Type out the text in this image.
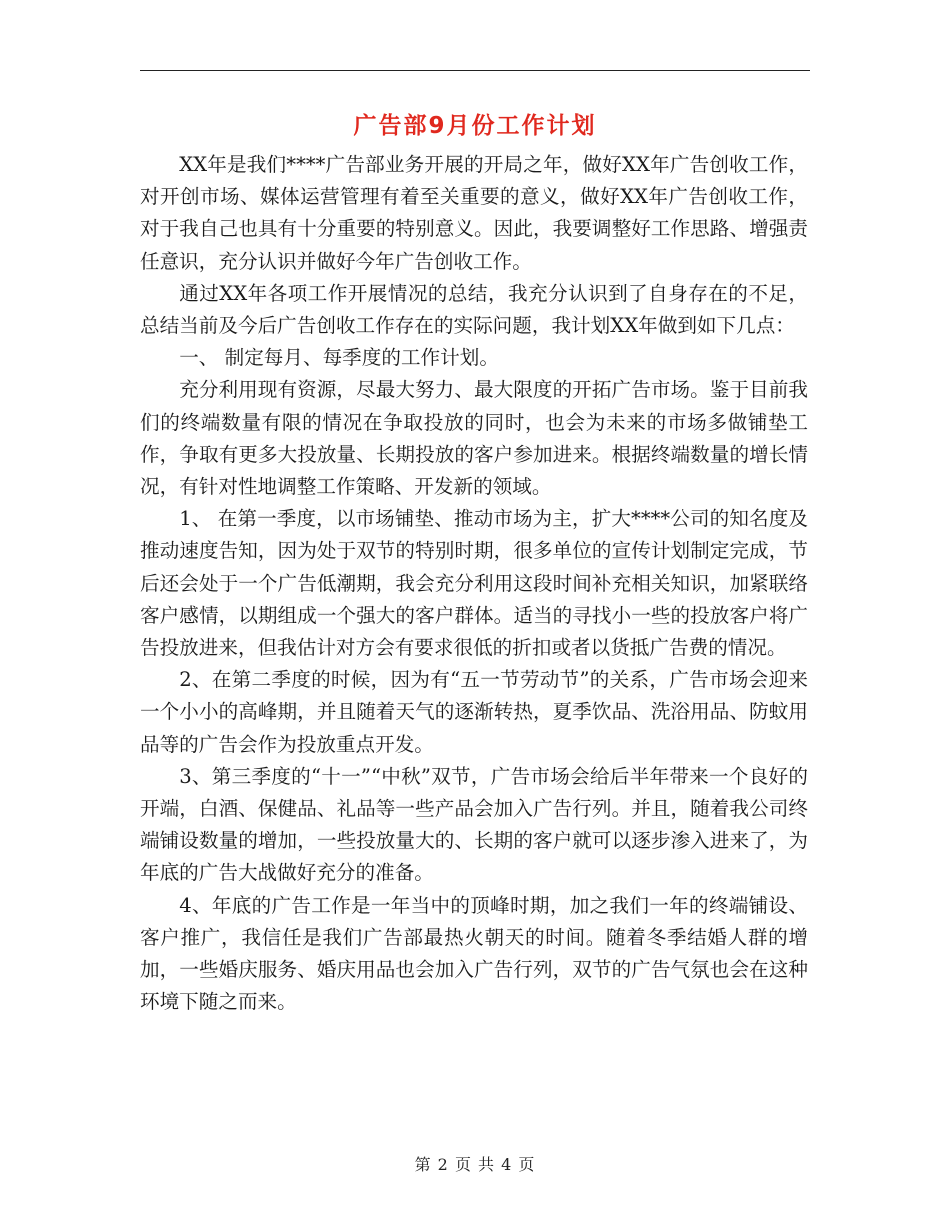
广告部9月份工作计划

XX年是我们****广告部业务开展的开局之年，做好XX年广告创收工作，对开创市场、媒体运营管理有着至关重要的意义，做好XX年广告创收工作，对于我自己也具有十分重要的特别意义。因此，我要调整好工作思路、增强责任意识，充分认识并做好今年广告创收工作。

通过XX年各项工作开展情况的总结，我充分认识到了自身存在的不足，总结当前及今后广告创收工作存在的实际问题，我计划XX年做到如下几点：

一、 制定每月、每季度的工作计划。

充分利用现有资源，尽最大努力、最大限度的开拓广告市场。鉴于目前我们的终端数量有限的情况在争取投放的同时，也会为未来的市场多做铺垫工作，争取有更多大投放量、长期投放的客户参加进来。根据终端数量的增长情况，有针对性地调整工作策略、开发新的领域。

1、 在第一季度，以市场铺垫、推动市场为主，扩大****公司的知名度及推动速度告知，因为处于双节的特别时期，很多单位的宣传计划制定完成，节后还会处于一个广告低潮期，我会充分利用这段时间补充相关知识，加紧联络客户感情，以期组成一个强大的客户群体。适当的寻找小一些的投放客户将广告投放进来，但我估计对方会有要求很低的折扣或者以货抵广告费的情况。

2、在第二季度的时候，因为有“五一节劳动节”的关系，广告市场会迎来一个小小的高峰期，并且随着天气的逐渐转热，夏季饮品、洗浴用品、防蚊用品等的广告会作为投放重点开发。

3、第三季度的“十一”“中秋”双节，广告市场会给后半年带来一个良好的开端，白酒、保健品、礼品等一些产品会加入广告行列。并且，随着我公司终端铺设数量的增加，一些投放量大的、长期的客户就可以逐步渗入进来了，为年底的广告大战做好充分的准备。

4、年底的广告工作是一年当中的顶峰时期，加之我们一年的终端铺设、客户推广，我信任是我们广告部最热火朝天的时间。随着冬季结婚人群的增加，一些婚庆服务、婚庆用品也会加入广告行列，双节的广告气氛也会在这种环境下随之而来。

第 2 页 共 4 页
